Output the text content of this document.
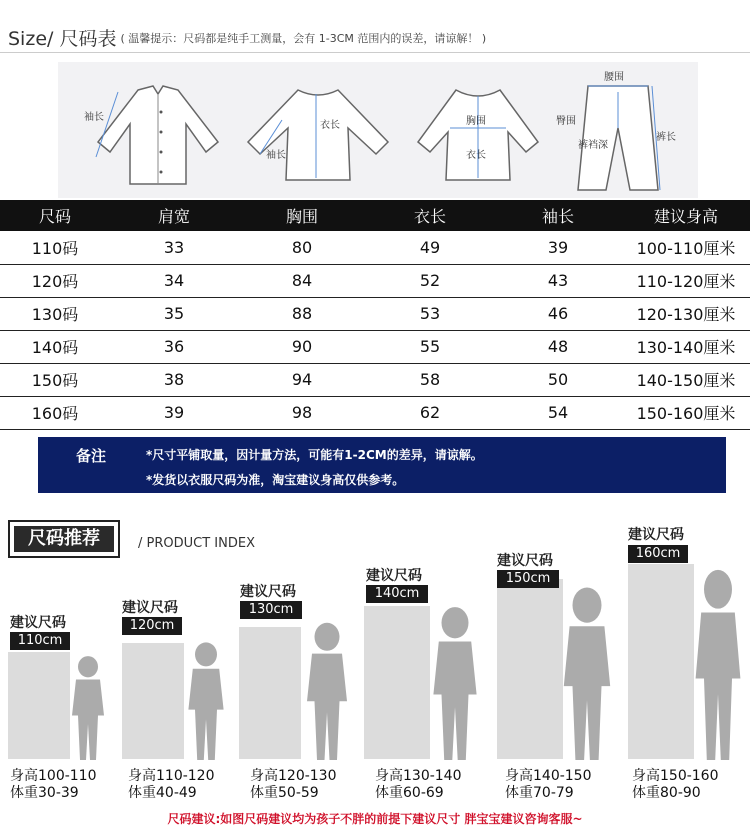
Size/ 尺码表 ( 温馨提示：尺码都是纯手工测量，会有 1-3CM 范围内的误差，请谅解！ )
袖长
衣长
袖长
胸围
衣长
腰围
臀围
裤裆深
裤长
尺码	肩宽	胸围	衣长	袖长	建议身高
110码	33	80	49	39	100-110厘米
120码	34	84	52	43	110-120厘米
130码	35	88	53	46	120-130厘米
140码	36	90	55	48	130-140厘米
150码	38	94	58	50	140-150厘米
160码	39	98	62	54	150-160厘米
备注	*尺寸平铺取量，因计量方法，可能有1-2CM的差异，请谅解。
*发货以衣服尺码为准，淘宝建议身高仅供参考。
尺码推荐	/ PRODUCT INDEX
建议尺码
110cm
建议尺码
120cm
建议尺码
130cm
建议尺码
140cm
建议尺码
150cm
建议尺码
160cm
身高100-110
体重30-39
身高110-120
体重40-49
身高120-130
体重50-59
身高130-140
体重60-69
身高140-150
体重70-79
身高150-160
体重80-90
尺码建议:如图尺码建议均为孩子不胖的前提下建议尺寸 胖宝宝建议咨询客服~
